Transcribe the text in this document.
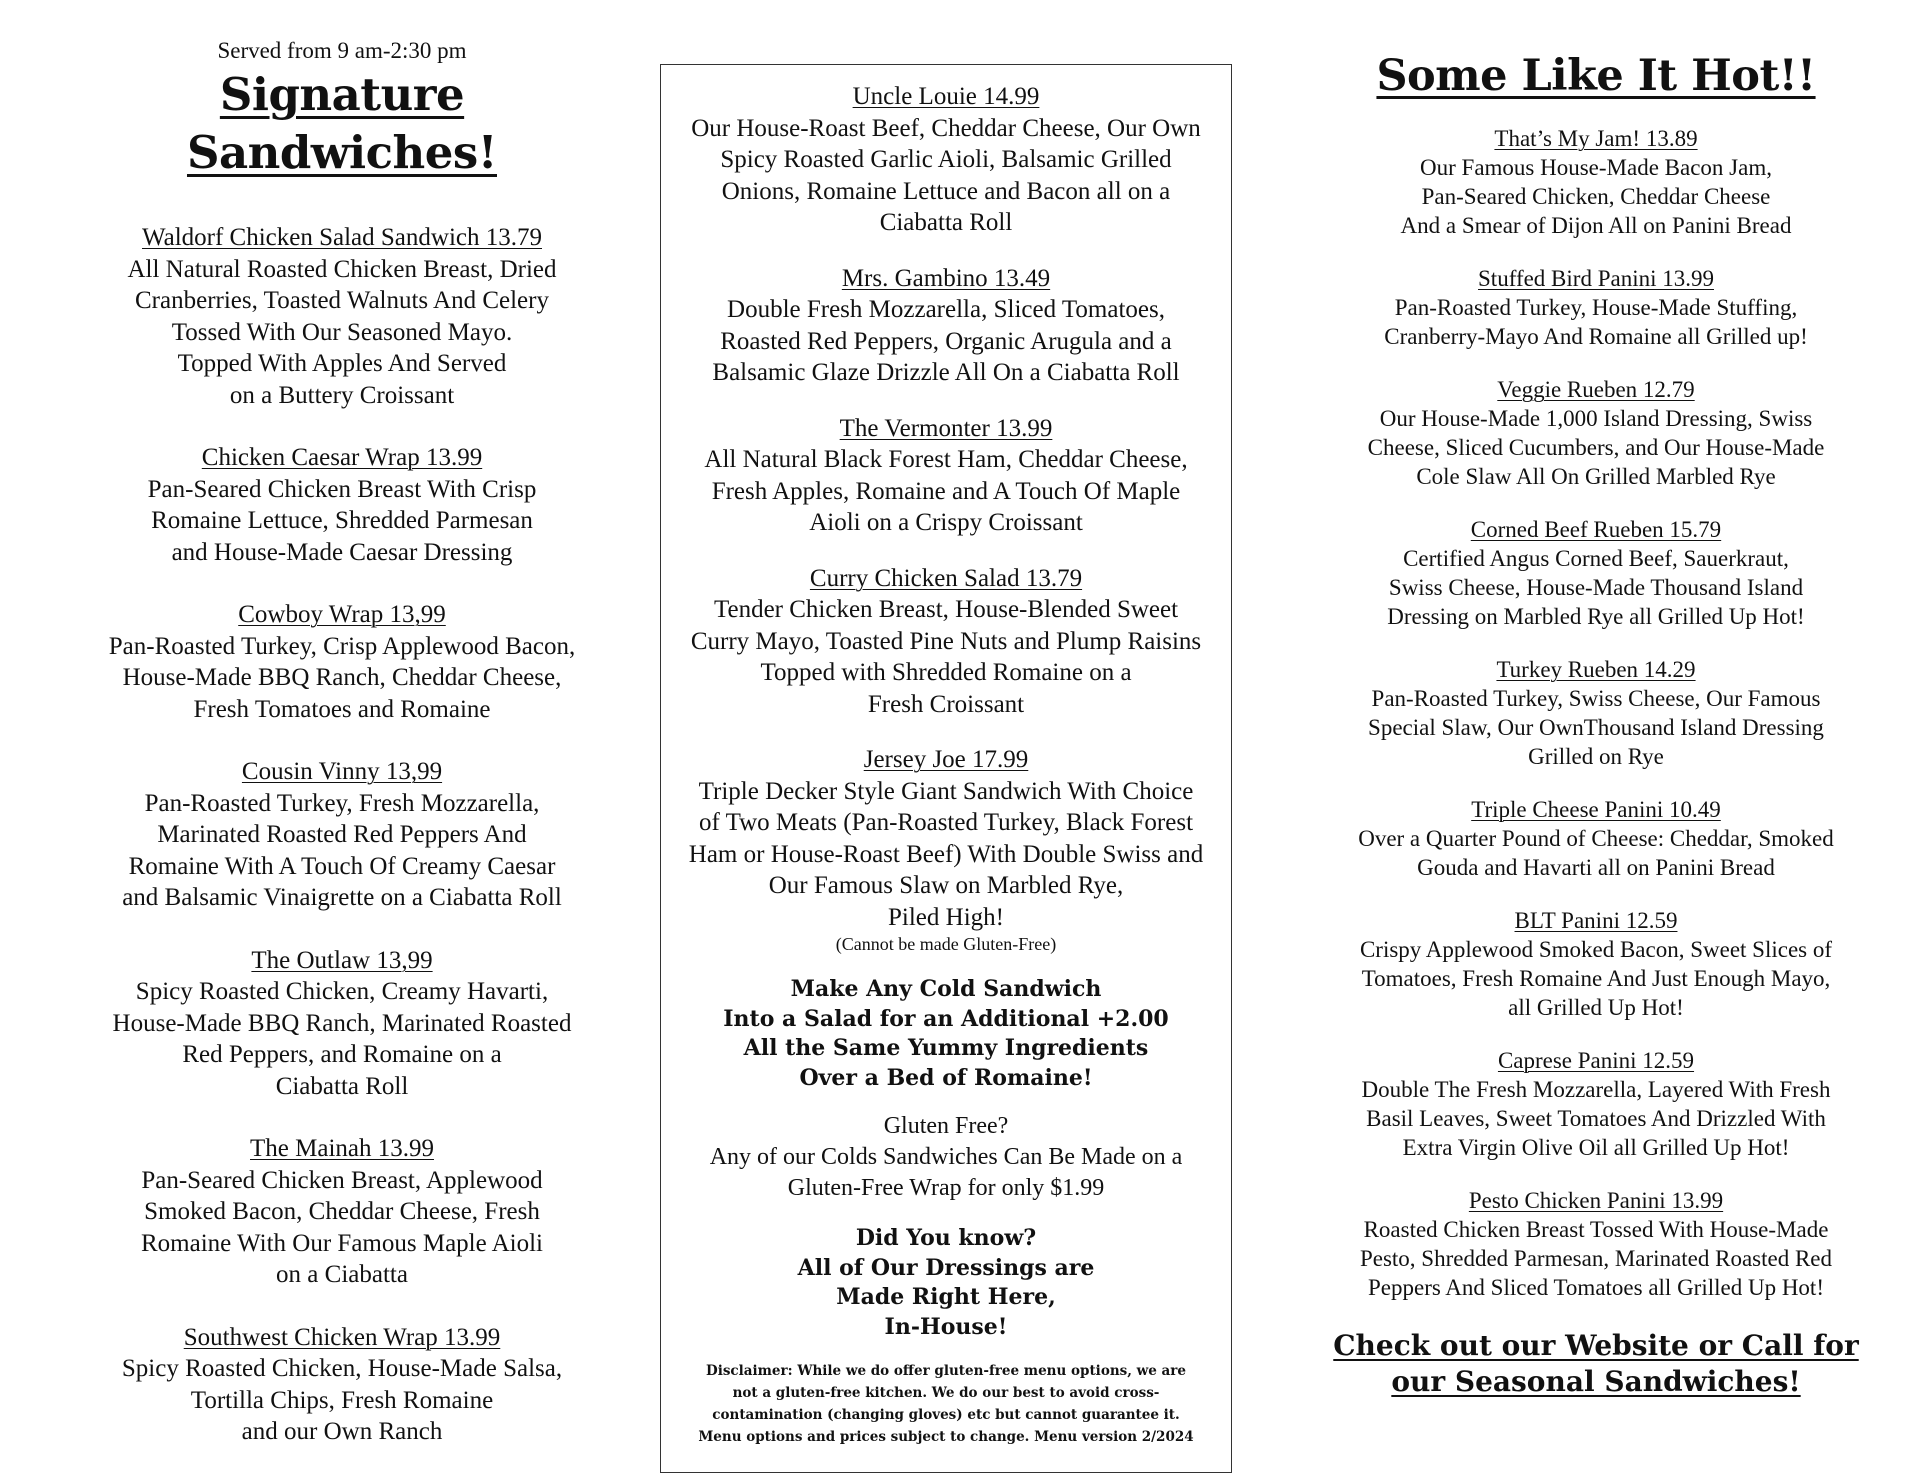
Served from 9 am-2:30 pm

Signature Sandwiches!
Waldorf Chicken Salad Sandwich 13.79
All Natural Roasted Chicken Breast, Dried
Cranberries, Toasted Walnuts And Celery
Tossed With Our Seasoned Mayo.
Topped With Apples And Served
on a Buttery Croissant
Chicken Caesar Wrap 13.99
Pan-Seared Chicken Breast With Crisp
Romaine Lettuce, Shredded Parmesan
and House-Made Caesar Dressing
Cowboy Wrap 13,99
Pan-Roasted Turkey, Crisp Applewood Bacon,
House-Made BBQ Ranch, Cheddar Cheese,
Fresh Tomatoes and Romaine
Cousin Vinny 13,99
Pan-Roasted Turkey, Fresh Mozzarella,
Marinated Roasted Red Peppers And
Romaine With A Touch Of Creamy Caesar
and Balsamic Vinaigrette on a Ciabatta Roll
The Outlaw 13,99
Spicy Roasted Chicken, Creamy Havarti,
House-Made BBQ Ranch, Marinated Roasted
Red Peppers, and Romaine on a
Ciabatta Roll
The Mainah 13.99
Pan-Seared Chicken Breast, Applewood
Smoked Bacon, Cheddar Cheese, Fresh
Romaine With Our Famous Maple Aioli
on a Ciabatta
Southwest Chicken Wrap 13.99
Spicy Roasted Chicken, House-Made Salsa,
Tortilla Chips, Fresh Romaine
and our Own Ranch
Uncle Louie 14.99
Our House-Roast Beef, Cheddar Cheese, Our Own
Spicy Roasted Garlic Aioli, Balsamic Grilled
Onions, Romaine Lettuce and Bacon all on a
Ciabatta Roll
Mrs. Gambino 13.49
Double Fresh Mozzarella, Sliced Tomatoes,
Roasted Red Peppers, Organic Arugula and a
Balsamic Glaze Drizzle All On a Ciabatta Roll
The Vermonter 13.99
All Natural Black Forest Ham, Cheddar Cheese,
Fresh Apples, Romaine and A Touch Of Maple
Aioli on a Crispy Croissant
Curry Chicken Salad 13.79
Tender Chicken Breast, House-Blended Sweet
Curry Mayo, Toasted Pine Nuts and Plump Raisins
Topped with Shredded Romaine on a
Fresh Croissant
Jersey Joe 17.99
Triple Decker Style Giant Sandwich With Choice
of Two Meats (Pan-Roasted Turkey, Black Forest
Ham or House-Roast Beef) With Double Swiss and
Our Famous Slaw on Marbled Rye,
Piled High!
(Cannot be made Gluten-Free)

Make Any Cold Sandwich
Into a Salad for an Additional +2.00
All the Same Yummy Ingredients
Over a Bed of Romaine!

Gluten Free?
Any of our Colds Sandwiches Can Be Made on a
Gluten-Free Wrap for only $1.99

Did You know?
All of Our Dressings are
Made Right Here,
In-House!

Disclaimer: While we do offer gluten-free menu options, we are
not a gluten-free kitchen. We do our best to avoid cross-
contamination (changing gloves) etc but cannot guarantee it.
Menu options and prices subject to change. Menu version 2/2024

Some Like It Hot!!
That’s My Jam! 13.89
Our Famous House-Made Bacon Jam,
Pan-Seared Chicken, Cheddar Cheese
And a Smear of Dijon All on Panini Bread
Stuffed Bird Panini 13.99
Pan-Roasted Turkey, House-Made Stuffing,
Cranberry-Mayo And Romaine all Grilled up!
Veggie Rueben 12.79
Our House-Made 1,000 Island Dressing, Swiss
Cheese, Sliced Cucumbers, and Our House-Made
Cole Slaw All On Grilled Marbled Rye
Corned Beef Rueben 15.79
Certified Angus Corned Beef, Sauerkraut,
Swiss Cheese, House-Made Thousand Island
Dressing on Marbled Rye all Grilled Up Hot!
Turkey Rueben 14.29
Pan-Roasted Turkey, Swiss Cheese, Our Famous
Special Slaw, Our OwnThousand Island Dressing
Grilled on Rye
Triple Cheese Panini 10.49
Over a Quarter Pound of Cheese: Cheddar, Smoked
Gouda and Havarti all on Panini Bread
BLT Panini 12.59
Crispy Applewood Smoked Bacon, Sweet Slices of
Tomatoes, Fresh Romaine And Just Enough Mayo,
all Grilled Up Hot!
Caprese Panini 12.59
Double The Fresh Mozzarella, Layered With Fresh
Basil Leaves, Sweet Tomatoes And Drizzled With
Extra Virgin Olive Oil all Grilled Up Hot!
Pesto Chicken Panini 13.99
Roasted Chicken Breast Tossed With House-Made
Pesto, Shredded Parmesan, Marinated Roasted Red
Peppers And Sliced Tomatoes all Grilled Up Hot!

Check out our Website or Call for
our Seasonal Sandwiches!
